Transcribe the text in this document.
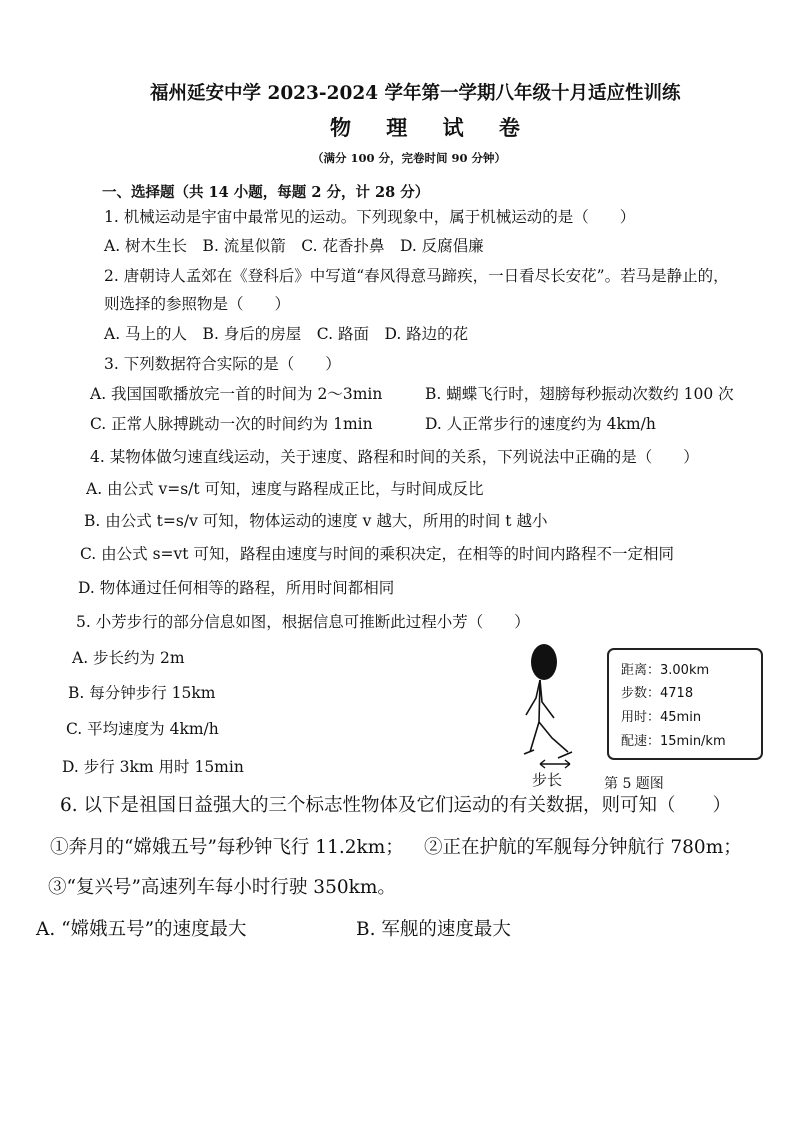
福州延安中学 2023-2024 学年第一学期八年级十月适应性训练
物 理 试 卷
（满分 100 分，完卷时间 90 分钟）
一、选择题（共 14 小题，每题 2 分，计 28 分）
1. 机械运动是宇宙中最常见的运动。下列现象中，属于机械运动的是（　　）
A. 树木生长　B. 流星似箭　C. 花香扑鼻　D. 反腐倡廉
2. 唐朝诗人孟郊在《登科后》中写道“春风得意马蹄疾，一日看尽长安花”。若马是静止的，
则选择的参照物是（　　）
A. 马上的人　B. 身后的房屋　C. 路面　D. 路边的花
3. 下列数据符合实际的是（　　）
A. 我国国歌播放完一首的时间为 2～3min	B. 蝴蝶飞行时，翅膀每秒振动次数约 100 次
C. 正常人脉搏跳动一次的时间约为 1min	D. 人正常步行的速度约为 4km/h
4. 某物体做匀速直线运动，关于速度、路程和时间的关系，下列说法中正确的是（　　）
A. 由公式 v=s/t 可知，速度与路程成正比，与时间成反比
B. 由公式 t=s/v 可知，物体运动的速度 v 越大，所用的时间 t 越小
C. 由公式 s=vt 可知，路程由速度与时间的乘积决定，在相等的时间内路程不一定相同
D. 物体通过任何相等的路程，所用时间都相同
5. 小芳步行的部分信息如图，根据信息可推断此过程小芳（　　）
A. 步长约为 2m
B. 每分钟步行 15km
C. 平均速度为 4km/h
D. 步行 3km 用时 15min
步长	第 5 题图
距离：3.00km
步数：4718
用时：45min
配速：15min/km
6. 以下是祖国日益强大的三个标志性物体及它们运动的有关数据，则可知（　　）
①奔月的“嫦娥五号”每秒钟飞行 11.2km； ②正在护航的军舰每分钟航行 780m；
③“复兴号”高速列车每小时行驶 350km。
A. “嫦娥五号”的速度最大	B. 军舰的速度最大
